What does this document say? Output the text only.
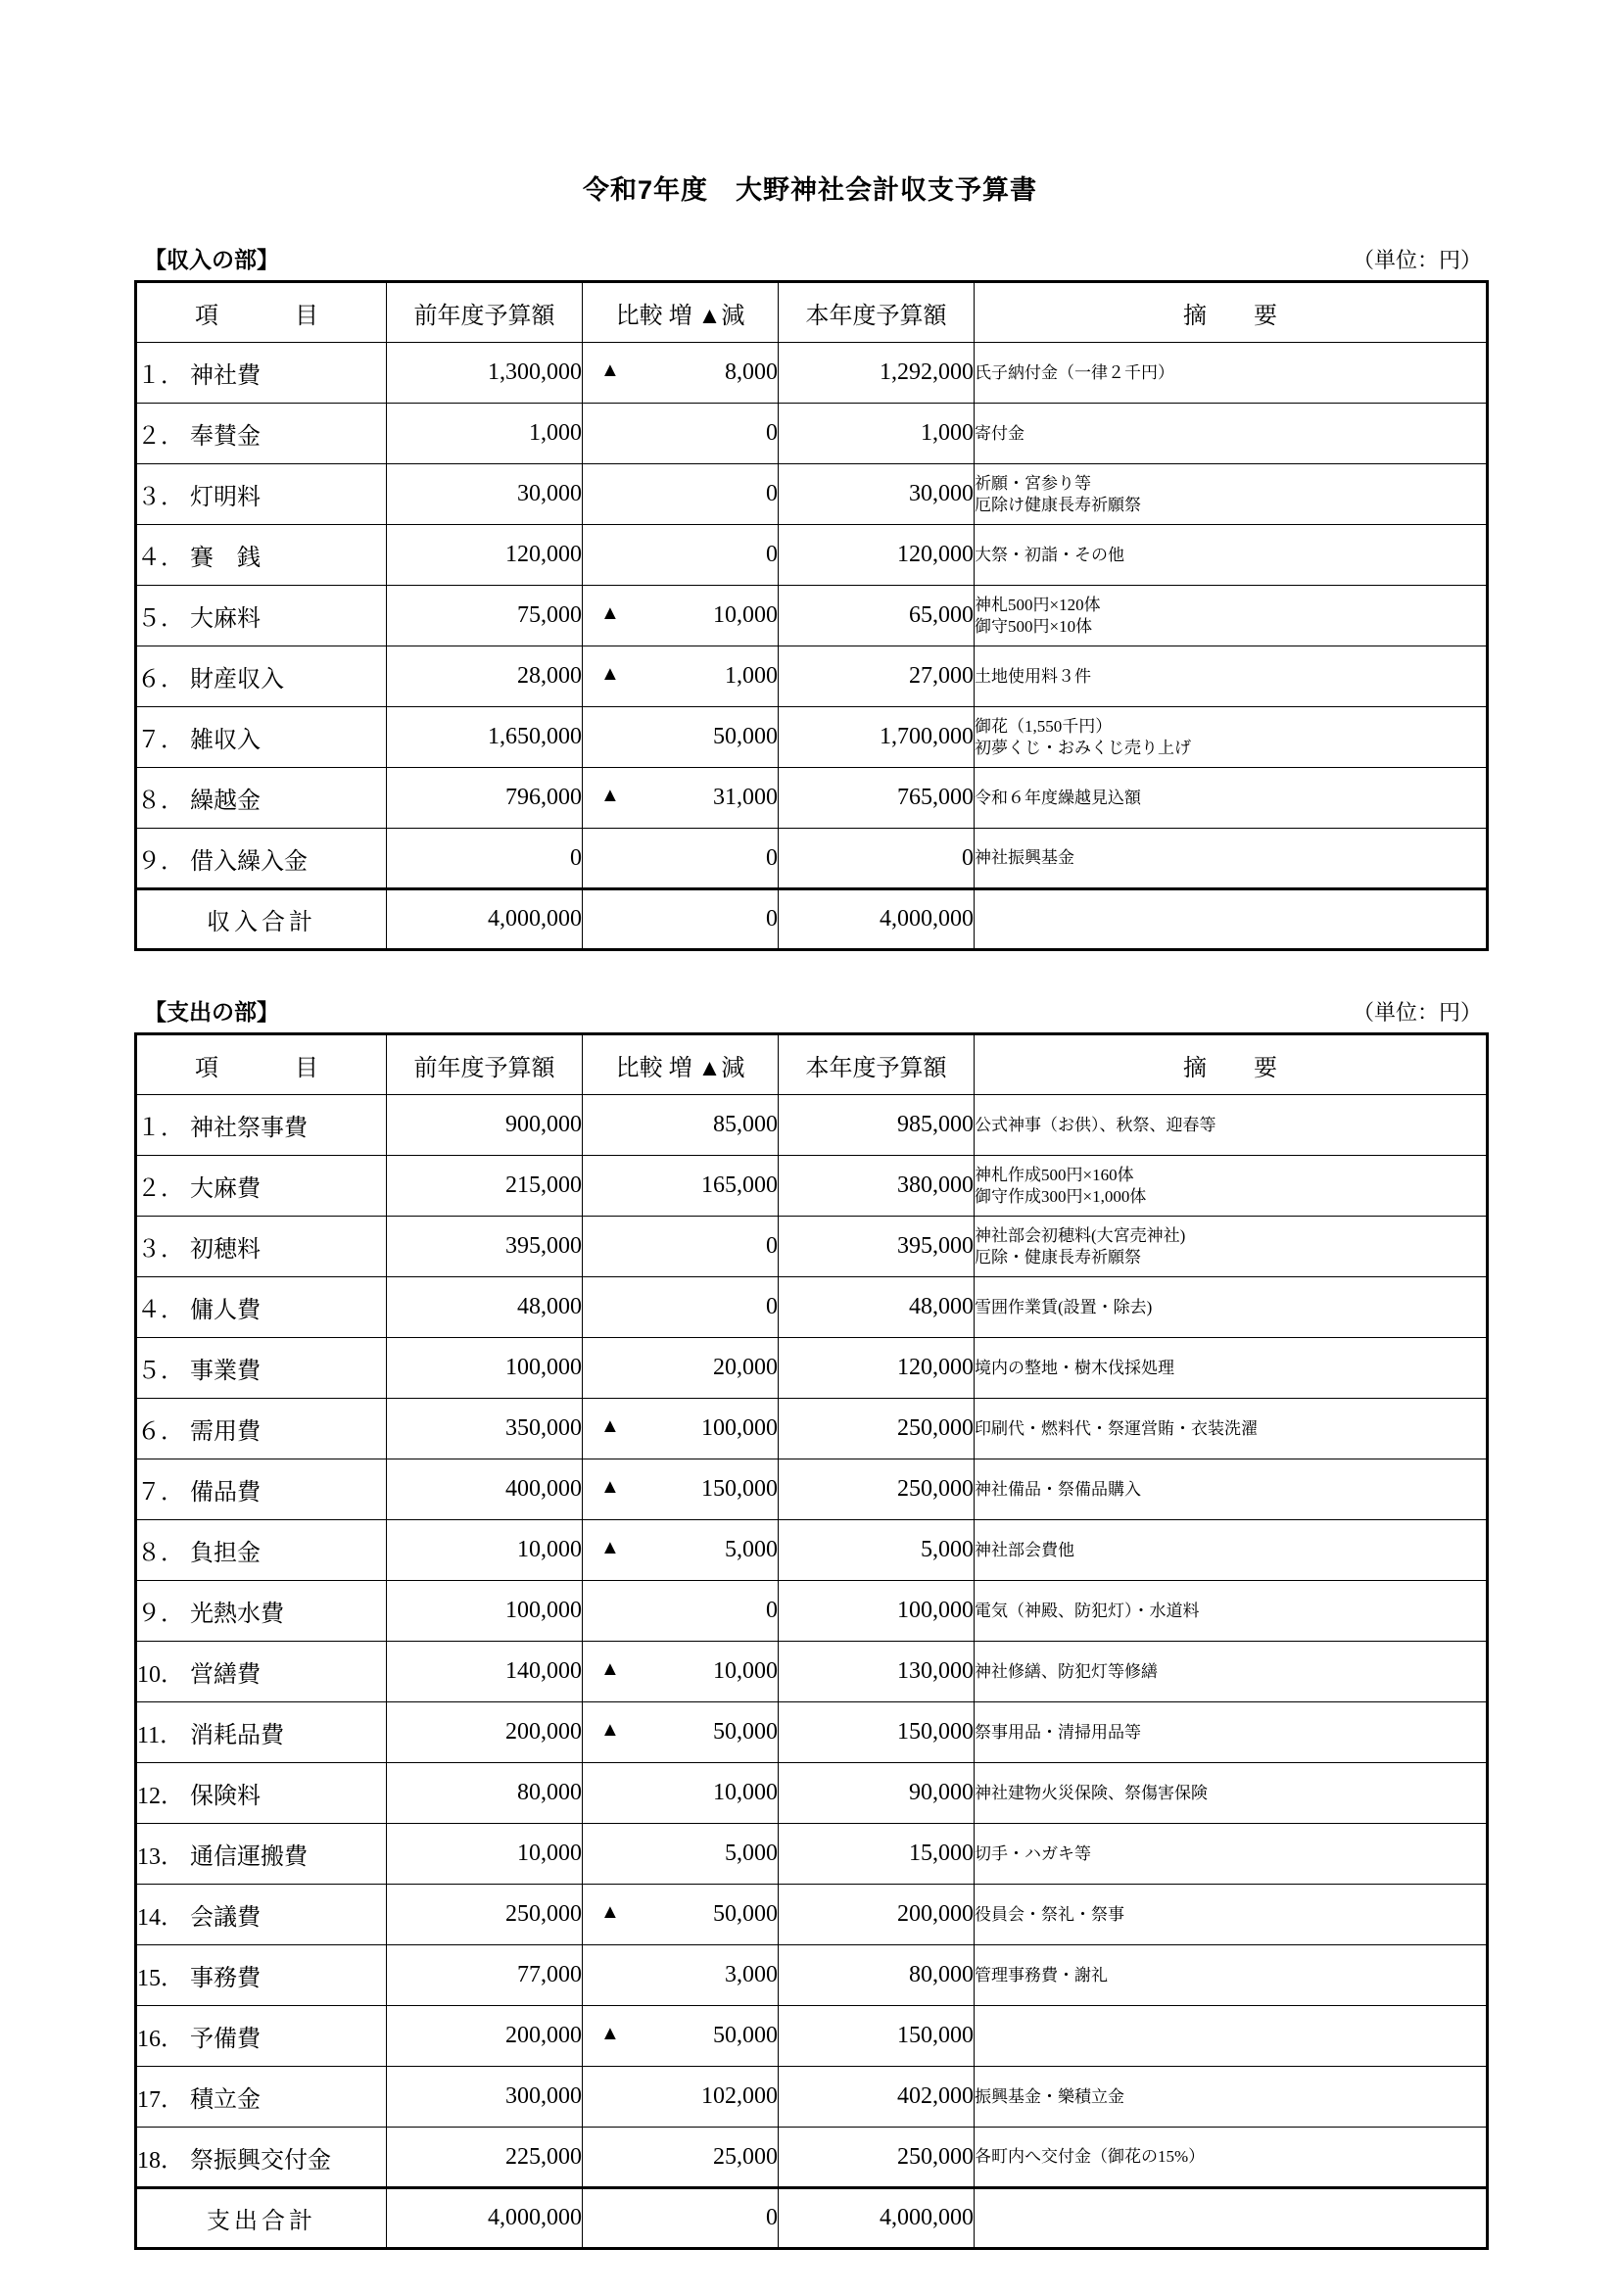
令和7年度　大野神社会計収支予算書
【収入の部】	（単位：円）
項　　目	前年度予算額	比較 増 ▲減	本年度予算額	摘　　要
１． 神社費	1,300,000	▲ 8,000	1,292,000	氏子納付金（一律２千円）

２． 奉賛金	1,000	0	1,000	寄付金

３． 灯明料	30,000	0	30,000	祈願・宮参り等
厄除け健康長寿祈願祭

４． 賽　銭	120,000	0	120,000	大祭・初詣・その他

５． 大麻料	75,000	▲ 10,000	65,000	神札500円×120体
御守500円×10体

６． 財産収入	28,000	▲ 1,000	27,000	土地使用料３件

７． 雑収入	1,650,000	50,000	1,700,000	御花（1,550千円）
初夢くじ・おみくじ売り上げ

８． 繰越金	796,000	▲ 31,000	765,000	令和６年度繰越見込額

９． 借入繰入金	0	0	0	神社振興基金

収入合計	4,000,000	0	4,000,000	
【支出の部】	（単位：円）
項　　目	前年度予算額	比較 増 ▲減	本年度予算額	摘　　要
１． 神社祭事費	900,000	85,000	985,000	公式神事（お供）、秋祭、迎春等

２． 大麻費	215,000	165,000	380,000	神札作成500円×160体
御守作成300円×1,000体

３． 初穂料	395,000	0	395,000	神社部会初穂料(大宮売神社)
厄除・健康長寿祈願祭

４． 傭人費	48,000	0	48,000	雪囲作業賃(設置・除去)

５． 事業費	100,000	20,000	120,000	境内の整地・樹木伐採処理

６． 需用費	350,000	▲ 100,000	250,000	印刷代・燃料代・祭運営賄・衣装洗濯

７． 備品費	400,000	▲ 150,000	250,000	神社備品・祭備品購入

８． 負担金	10,000	▲ 5,000	5,000	神社部会費他

９． 光熱水費	100,000	0	100,000	電気（神殿、防犯灯）・水道料

10． 営繕費	140,000	▲ 10,000	130,000	神社修繕、防犯灯等修繕

11． 消耗品費	200,000	▲ 50,000	150,000	祭事用品・清掃用品等

12． 保険料	80,000	10,000	90,000	神社建物火災保険、祭傷害保険

13． 通信運搬費	10,000	5,000	15,000	切手・ハガキ等

14． 会議費	250,000	▲ 50,000	200,000	役員会・祭礼・祭事

15． 事務費	77,000	3,000	80,000	管理事務費・謝礼

16． 予備費	200,000	▲ 50,000	150,000	

17． 積立金	300,000	102,000	402,000	振興基金・樂積立金

18． 祭振興交付金	225,000	25,000	250,000	各町内へ交付金（御花の15%）

支出合計	4,000,000	0	4,000,000	
